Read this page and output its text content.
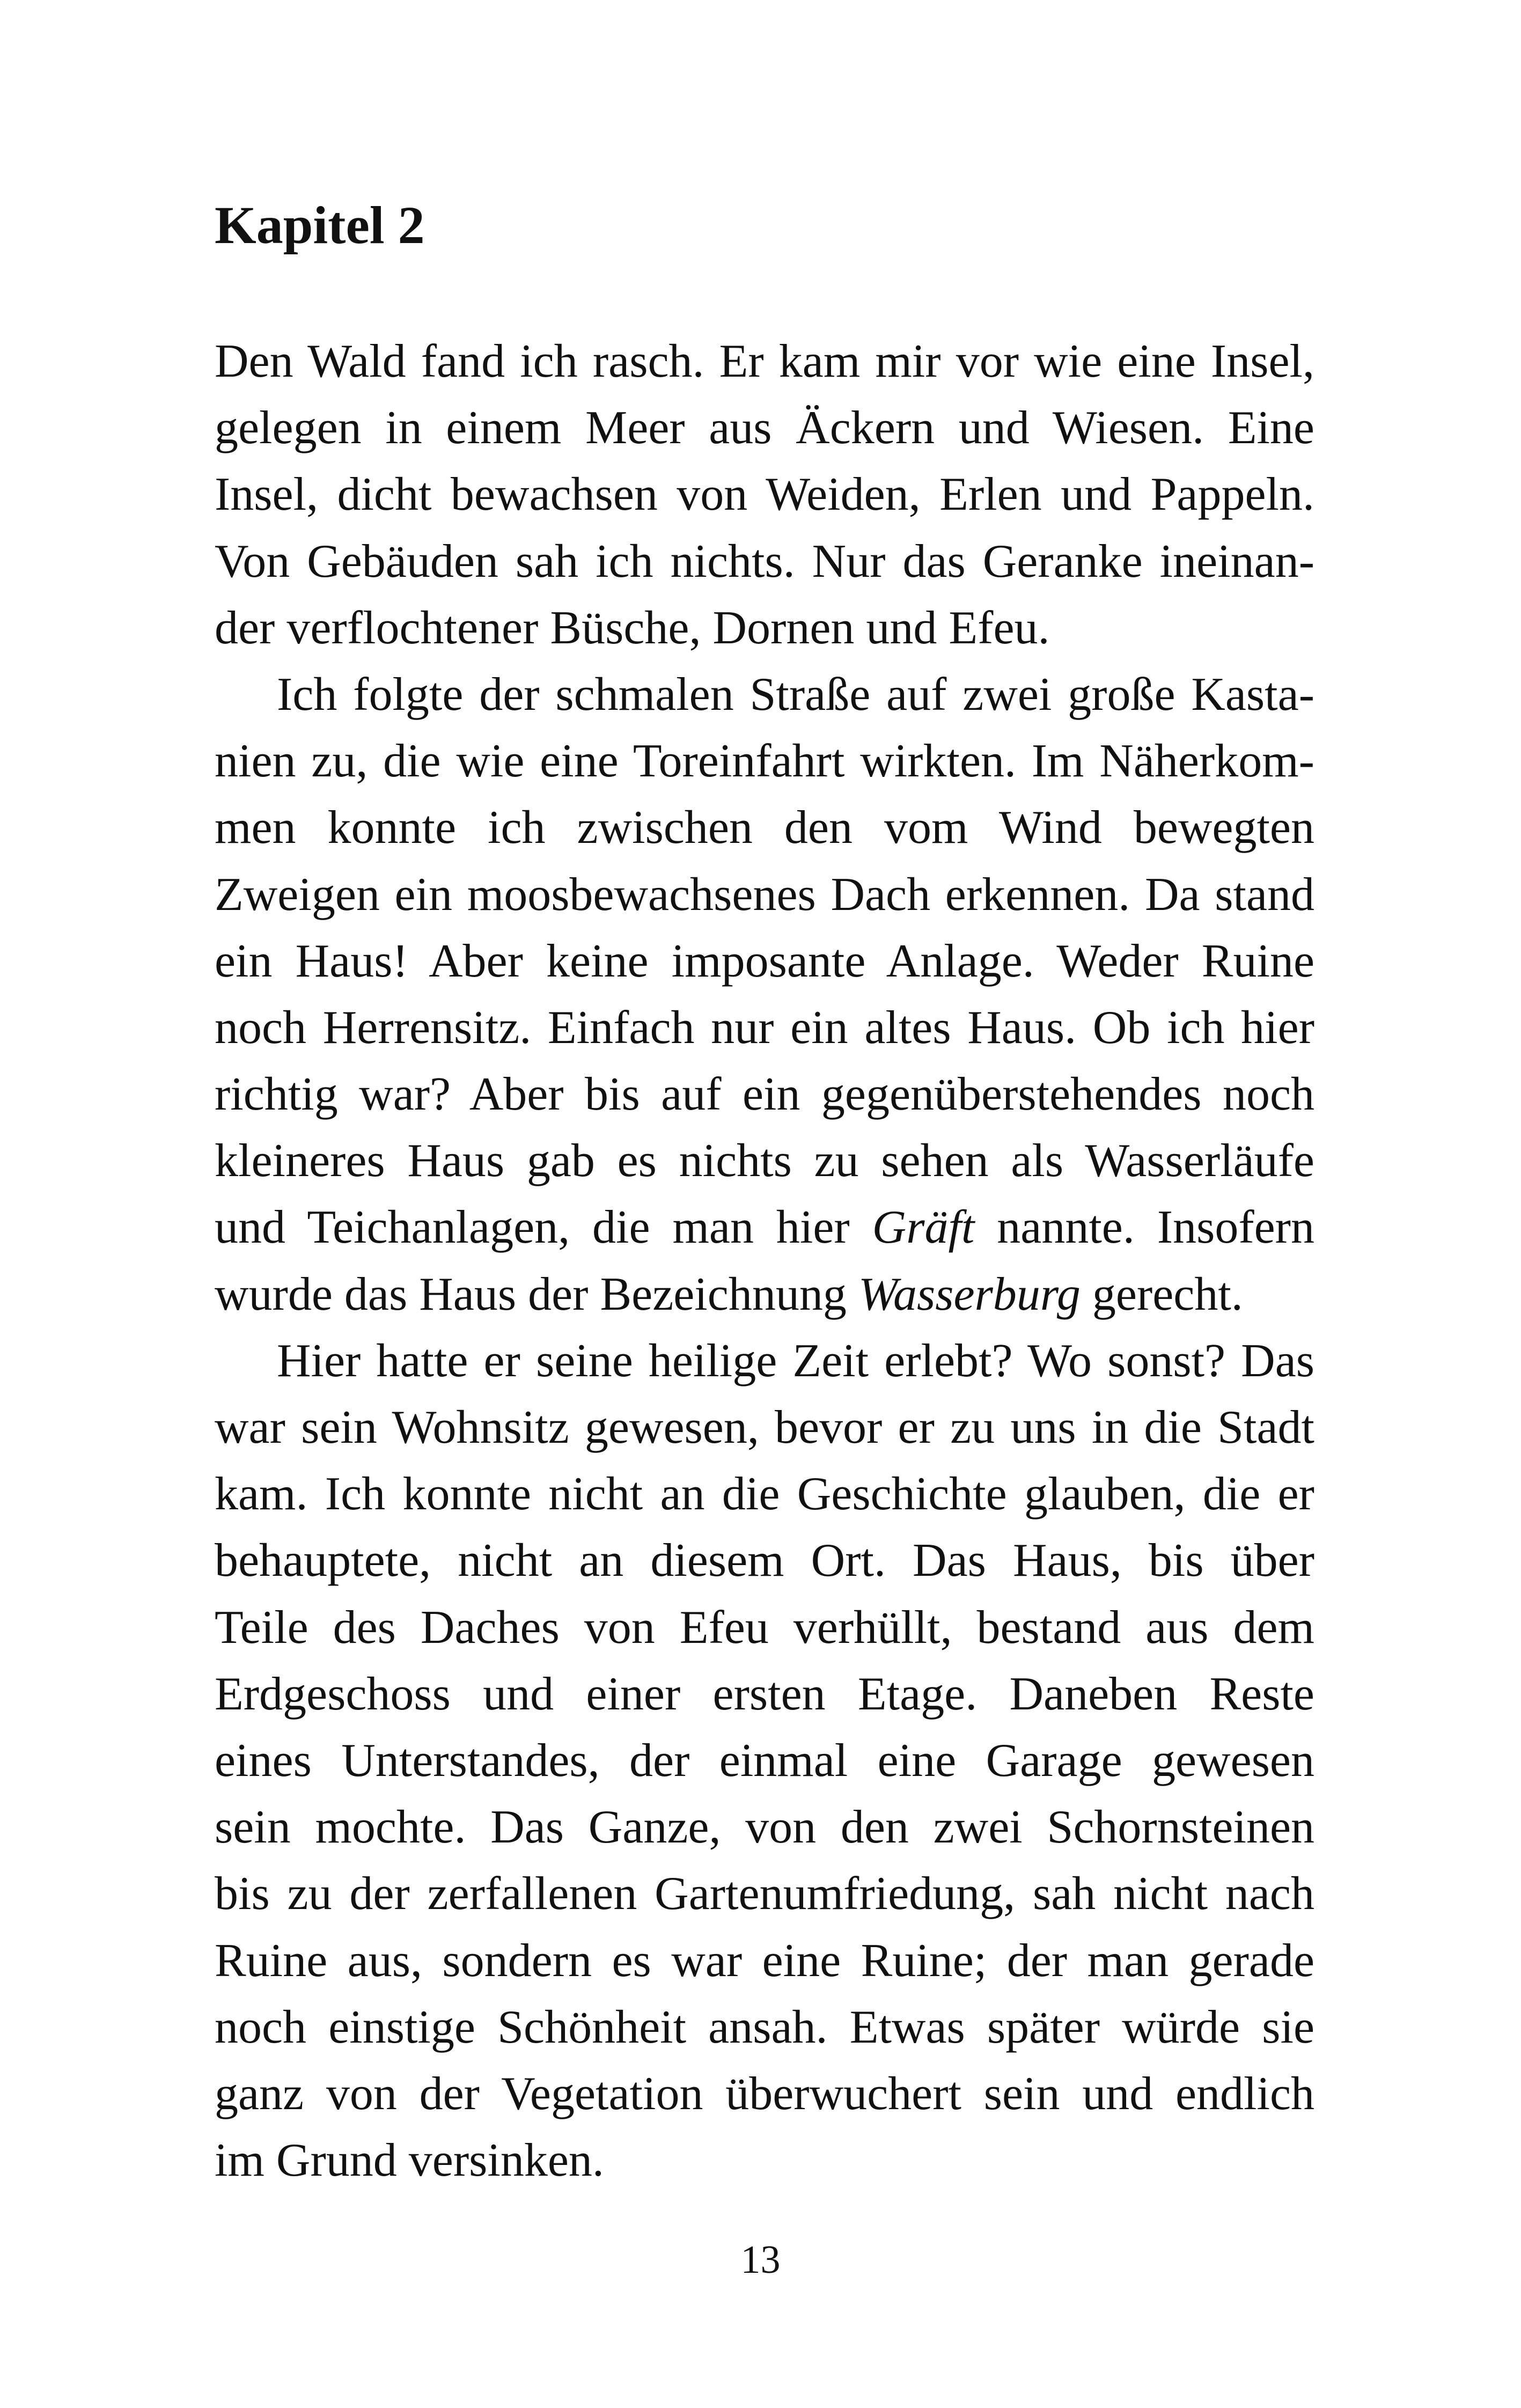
Kapitel 2
Den Wald fand ich rasch. Er kam mir vor wie eine Insel,
gelegen in einem Meer aus Äckern und Wiesen. Eine
Insel, dicht bewachsen von Weiden, Erlen und Pappeln.
Von Gebäuden sah ich nichts. Nur das Geranke ineinan-
der verflochtener Büsche, Dornen und Efeu.
Ich folgte der schmalen Straße auf zwei große Kasta-
nien zu, die wie eine Toreinfahrt wirkten. Im Näherkom-
men konnte ich zwischen den vom Wind bewegten
Zweigen ein moosbewachsenes Dach erkennen. Da stand
ein Haus! Aber keine imposante Anlage. Weder Ruine
noch Herrensitz. Einfach nur ein altes Haus. Ob ich hier
richtig war? Aber bis auf ein gegenüberstehendes noch
kleineres Haus gab es nichts zu sehen als Wasserläufe
und Teichanlagen, die man hier Gräft nannte. Insofern
wurde das Haus der Bezeichnung Wasserburg gerecht.
Hier hatte er seine heilige Zeit erlebt? Wo sonst? Das
war sein Wohnsitz gewesen, bevor er zu uns in die Stadt
kam. Ich konnte nicht an die Geschichte glauben, die er
behauptete, nicht an diesem Ort. Das Haus, bis über
Teile des Daches von Efeu verhüllt, bestand aus dem
Erdgeschoss und einer ersten Etage. Daneben Reste
eines Unterstandes, der einmal eine Garage gewesen
sein mochte. Das Ganze, von den zwei Schornsteinen
bis zu der zerfallenen Gartenumfriedung, sah nicht nach
Ruine aus, sondern es war eine Ruine; der man gerade
noch einstige Schönheit ansah. Etwas später würde sie
ganz von der Vegetation überwuchert sein und endlich
im Grund versinken.
13
